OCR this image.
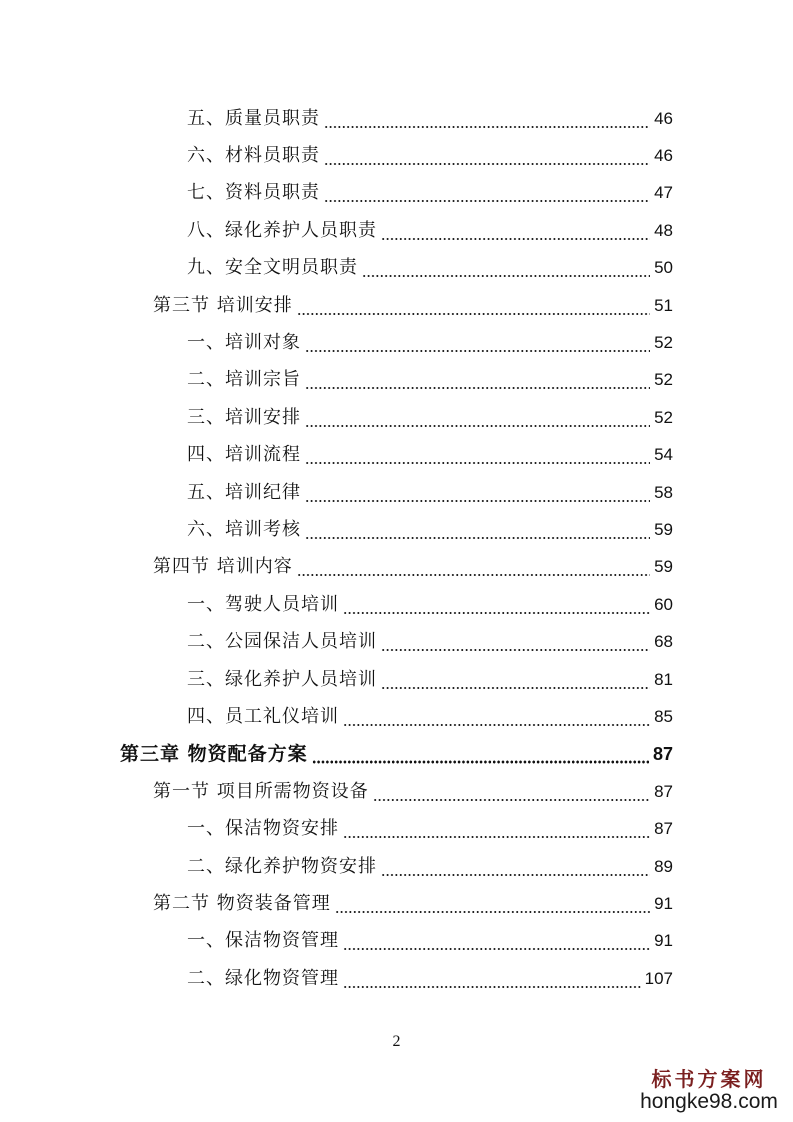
五、质量员职责	46
六、材料员职责	46
七、资料员职责	47
八、绿化养护人员职责	48
九、安全文明员职责	50
第三节 培训安排	51
一、培训对象	52
二、培训宗旨	52
三、培训安排	52
四、培训流程	54
五、培训纪律	58
六、培训考核	59
第四节 培训内容	59
一、驾驶人员培训	60
二、公园保洁人员培训	68
三、绿化养护人员培训	81
四、员工礼仪培训	85
第三章 物资配备方案	87
第一节 项目所需物资设备	87
一、保洁物资安排	87
二、绿化养护物资安排	89
第二节 物资装备管理	91
一、保洁物资管理	91
二、绿化物资管理	107
2
标书方案网
hongke98.com
